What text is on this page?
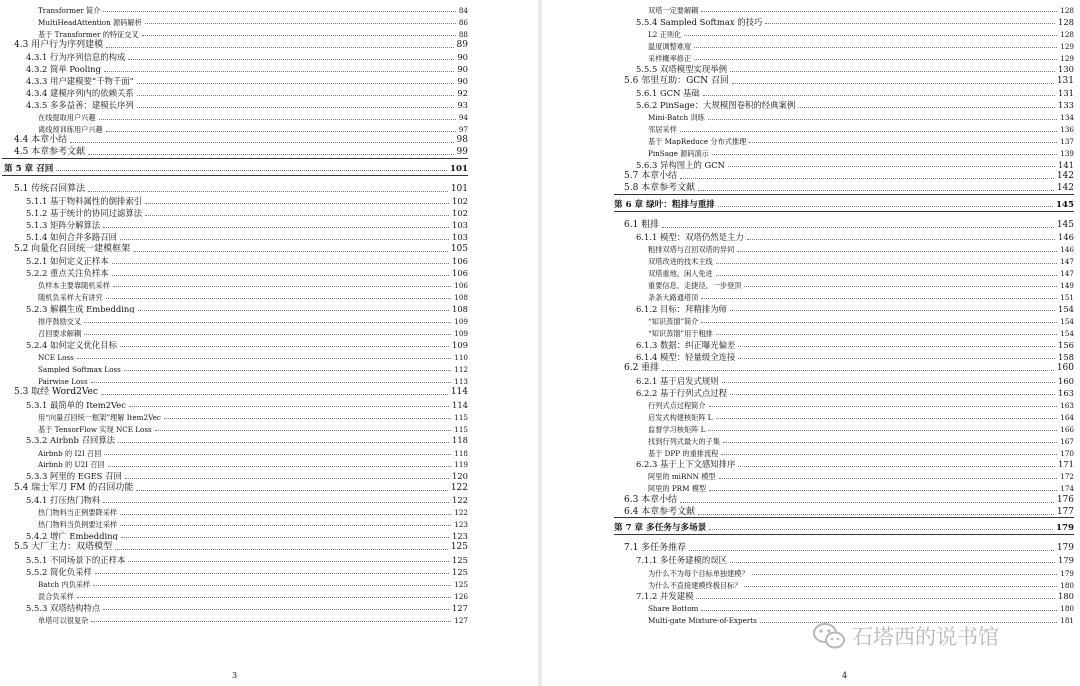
Transformer 简介	84
MultiHeadAttention 源码解析	86
基于 Transformer 的特征交叉	88
4.3 用户行为序列建模	89
4.3.1 行为序列信息的构成	90
4.3.2 简单 Pooling	90
4.3.3 用户建模要“千物千面”	90
4.3.4 建模序列内的依赖关系	92
4.3.5 多多益善：建模长序列	93
在线提取用户兴趣	94
离线预训练用户兴趣	97
4.4 本章小结	98
4.5 本章参考文献	99
第 5 章 召回	101
5.1 传统召回算法	101
5.1.1 基于物料属性的倒排索引	102
5.1.2 基于统计的协同过滤算法	102
5.1.3 矩阵分解算法	103
5.1.4 如何合并多路召回	103
5.2 向量化召回统一建模框架	105
5.2.1 如何定义正样本	106
5.2.2 重点关注负样本	106
负样本主要靠随机采样	106
随机负采样大有讲究	108
5.2.3 解耦生成 Embedding	108
排序鼓励交叉	109
召回要求解耦	109
5.2.4 如何定义优化目标	109
NCE Loss	110
Sampled Softmax Loss	112
Pairwise Loss	113
5.3 取经 Word2Vec	114
5.3.1 最简单的 Item2Vec	114
用“向量召回统一框架”理解 Item2Vec	115
基于 TensorFlow 实现 NCE Loss	115
5.3.2 Airbnb 召回算法	118
Airbnb 的 I2I 召回	118
Airbnb 的 U2I 召回	119
5.3.3 阿里的 EGES 召回	120
5.4 瑞士军刀 FM 的召回功能	122
5.4.1 打压热门物料	122
热门物料当正例要降采样	122
热门物料当负例要过采样	123
5.4.2 增广 Embedding	123
5.5 大厂主力：双塔模型	125
5.5.1 不同场景下的正样本	125
5.5.2 简化负采样	125
Batch 内负采样	125
混合负采样	126
5.5.3 双塔结构特点	127
单塔可以很复杂	127
3
双塔一定要解耦	128
5.5.4 Sampled Softmax 的技巧	128
L2 正则化	128
温度调整难度	129
采样概率修正	129
5.5.5 双塔模型实现举例	130
5.6 邻里互助：GCN 召回	131
5.6.1 GCN 基础	131
5.6.2 PinSage：大规模图卷积的经典案例	133
Mini-Batch 训练	134
邻居采样	136
基于 MapReduce 分布式推理	137
PinSage 源码演示	139
5.6.3 异构图上的 GCN	141
5.7 本章小结	142
5.8 本章参考文献	142
第 6 章 绿叶：粗排与重排	145
6.1 粗排	145
6.1.1 模型：双塔仍然是主力	146
粗排双塔与召回双塔的异同	146
双塔改进的技术主线	147
双塔重地，闲人免进	147
重要信息，走捷径，一步登顶	149
条条大路通塔顶	151
6.1.2 目标：拜精排为师	154
“知识蒸馏”简介	154
“知识蒸馏”用于粗排	154
6.1.3 数据：纠正曝光偏差	156
6.1.4 模型：轻量级全连接	158
6.2 重排	160
6.2.1 基于启发式规则	160
6.2.2 基于行列式点过程	163
行列式点过程简介	163
启发式构建核矩阵 L	164
监督学习核矩阵 L	166
找到行列式最大的子集	167
基于 DPP 的重排流程	170
6.2.3 基于上下文感知排序	171
阿里的 miRNN 模型	172
阿里的 PRM 模型	174
6.3 本章小结	176
6.4 本章参考文献	177
第 7 章 多任务与多场景	179
7.1 多任务推荐	179
7.1.1 多任务建模的误区	179
为什么不为每个目标单独建模？	179
为什么不直接建模终极目标？	180
7.1.2 并发建模	180
Share Bottom	180
Multi-gate Mixture-of-Experts	181
4
石塔西的说书馆
